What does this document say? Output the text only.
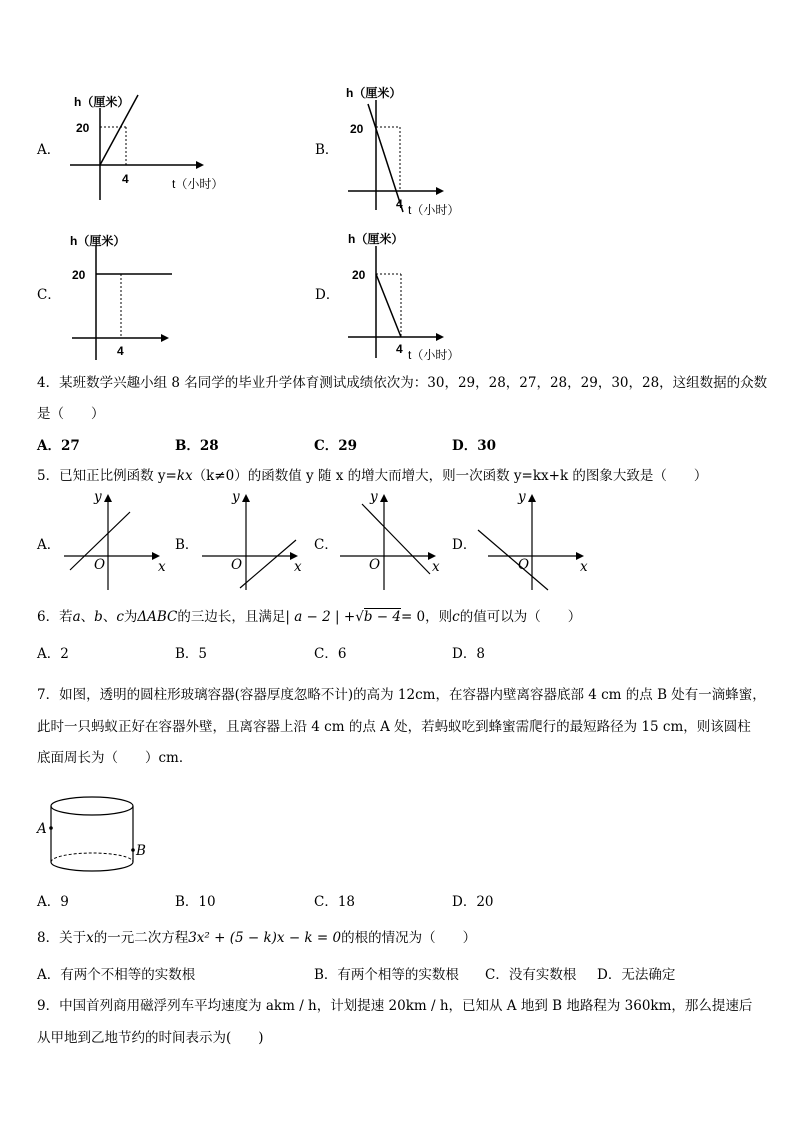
A．
h（厘米）
20
4	t（小时）
B．
h（厘米）
20
4 t（小时）
C．
h（厘米）
20
4
D．
h（厘米）
20
4 t（小时）
4．某班数学兴趣小组 8 名同学的毕业升学体育测试成绩依次为：30，29，28，27，28，29，30，28，这组数据的众数
是（　　）
A．27	B．28	C．29	D．30
5．已知正比例函数 y=kx（k≠0）的函数值 y 随 x 的增大而增大，则一次函数 y=kx+k 的图象大致是（　　）
A．	B．	C．	D．
y
O	x
y
O	x
y
O	x
y
O	x
6．若a、b、c为ΔABC的三边长，且满足| a − 2 | +√b − 4= 0，则c的值可以为（　　）
A．2	B．5	C．6	D．8
7．如图，透明的圆柱形玻璃容器(容器厚度忽略不计)的高为 12cm，在容器内壁离容器底部 4 cm 的点 B 处有一滴蜂蜜，
此时一只蚂蚁正好在容器外壁，且离容器上沿 4 cm 的点 A 处，若蚂蚁吃到蜂蜜需爬行的最短路径为 15 cm，则该圆柱
底面周长为（　　）cm．
A
B
A．9	B．10	C．18	D．20
8．关于x的一元二次方程3x² + (5 − k)x − k = 0的根的情况为（　　）
A．有两个不相等的实数根	B．有两个相等的实数根 C．没有实数根 D．无法确定
9．中国首列商用磁浮列车平均速度为 akm / h，计划提速 20km / h，已知从 A 地到 B 地路程为 360km，那么提速后
从甲地到乙地节约的时间表示为(　　)
